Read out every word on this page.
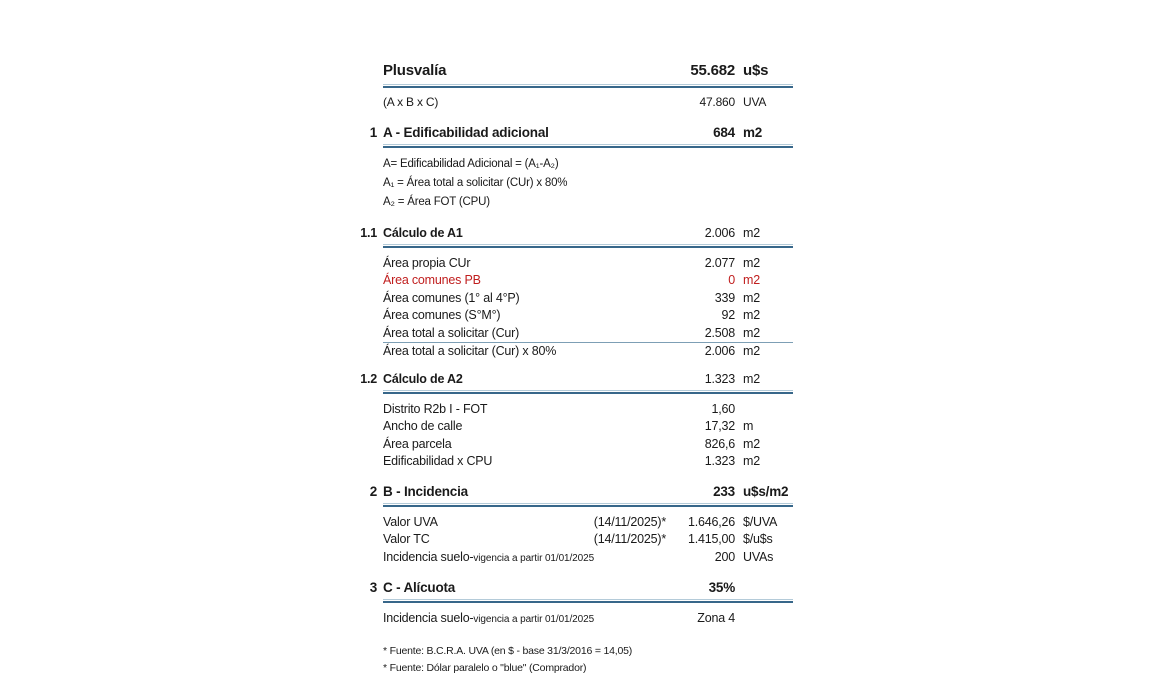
Plusvalía	55.682 u$s
(A x B x C)	47.860 UVA
1 A - Edificabilidad adicional	684 m2
A= Edificabilidad Adicional = (A₁-A₂)
A₁ = Área total a solicitar (CUr) x 80%
A₂ = Área FOT (CPU)
1.1 Cálculo de A1	2.006 m2
Área propia CUr	2.077 m2
Área comunes PB	0 m2
Área comunes (1° al 4°P)	339 m2
Área comunes (S°M°)	92 m2
Área total a solicitar (Cur)	2.508 m2
Área total a solicitar (Cur) x 80%	2.006 m2
1.2 Cálculo de A2	1.323 m2
Distrito R2b I - FOT	1,60
Ancho de calle	17,32 m
Área parcela	826,6 m2
Edificabilidad x CPU	1.323 m2
2 B - Incidencia	233 u$s/m2
Valor UVA	(14/11/2025)*	1.646,26 $/UVA
Valor TC	(14/11/2025)*	1.415,00 $/u$s
Incidencia suelo-vigencia a partir 01/01/2025	200 UVAs
3 C - Alícuota	35%
Incidencia suelo-vigencia a partir 01/01/2025	Zona 4
* Fuente: B.C.R.A. UVA (en $ - base 31/3/2016 = 14,05)
* Fuente: Dólar paralelo o "blue" (Comprador)
